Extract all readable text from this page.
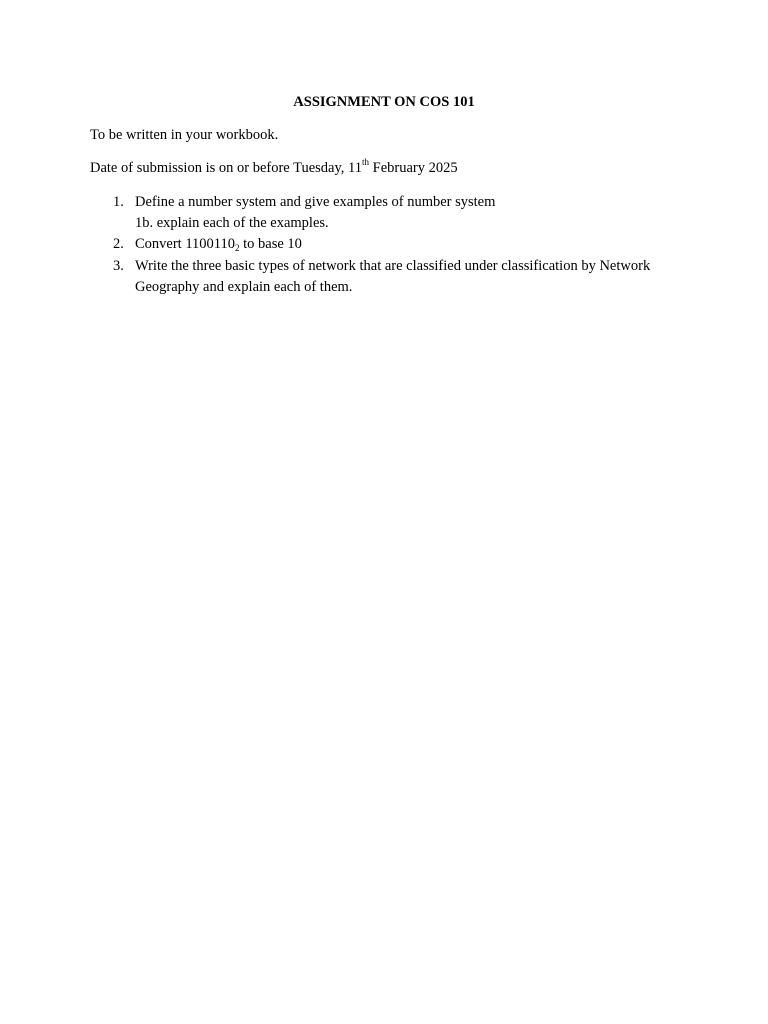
ASSIGNMENT ON COS 101
To be written in your workbook.
Date of submission is on or before Tuesday, 11th February 2025
1. Define a number system and give examples of number system
1b. explain each of the examples.
2. Convert $1100110_2$ to base 10
3. Write the three basic types of network that are classified under classification by Network Geography and explain each of them.
